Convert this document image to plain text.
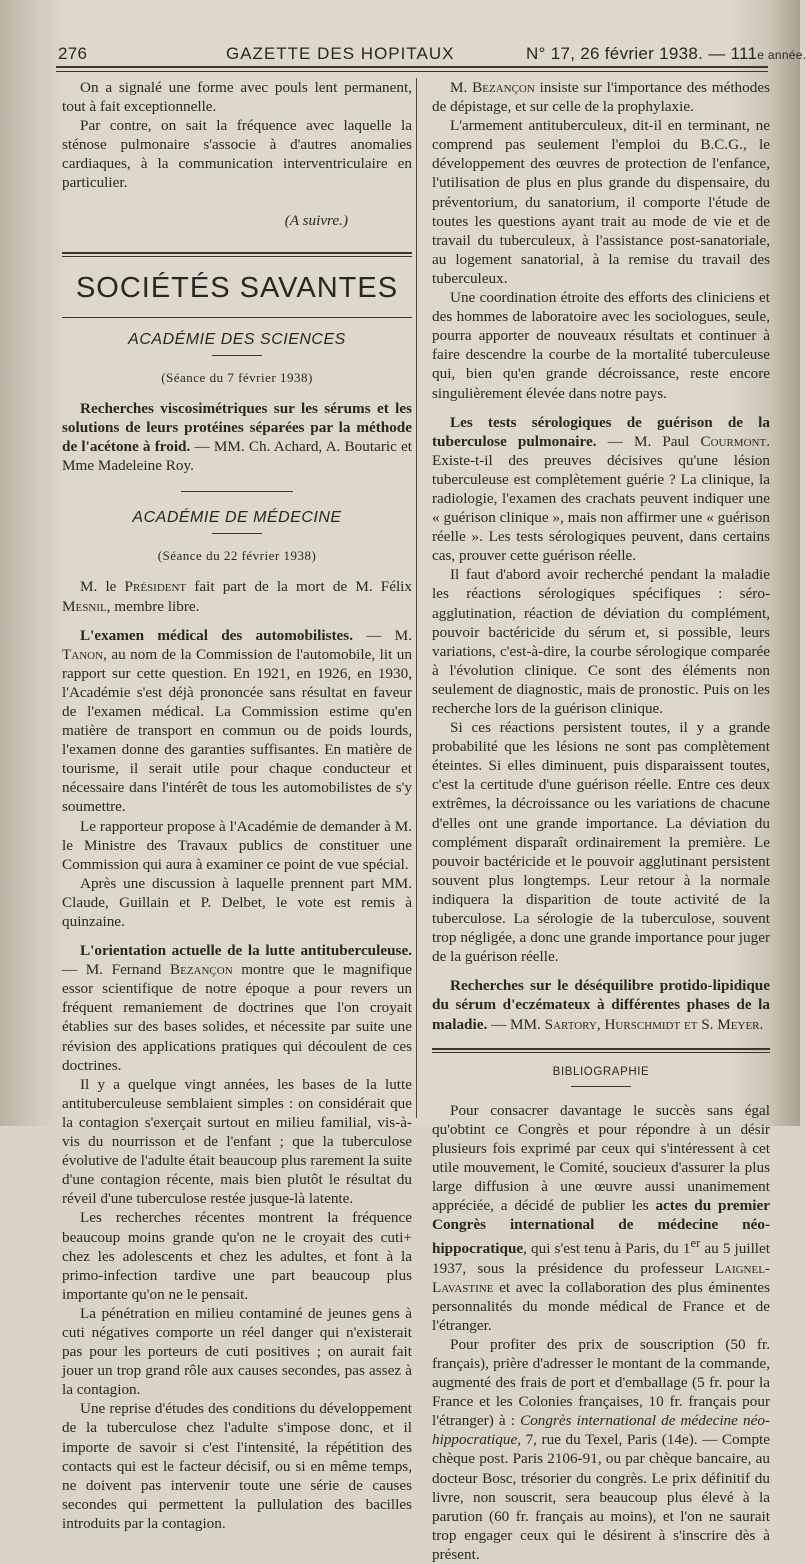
276	GAZETTE DES HOPITAUX	N° 17, 26 février 1938. — 111e année.

On a signalé une forme avec pouls lent permanent, tout à fait exceptionnelle.

Par contre, on sait la fréquence avec laquelle la sténose pulmonaire s'associe à d'autres anomalies cardiaques, à la communication interventriculaire en particulier.

(A suivre.)
SOCIÉTÉS SAVANTES
ACADÉMIE DES SCIENCES
(Séance du 7 février 1938)

Recherches viscosimétriques sur les sérums et les solutions de leurs protéines séparées par la méthode de l'acétone à froid. — MM. Ch. Achard, A. Boutaric et Mme Madeleine Roy.

ACADÉMIE DE MÉDECINE
(Séance du 22 février 1938)

M. le Président fait part de la mort de M. Félix Mesnil, membre libre.

L'examen médical des automobilistes. — M. Tanon, au nom de la Commission de l'automobile, lit un rapport sur cette question. En 1921, en 1926, en 1930, l'Académie s'est déjà prononcée sans résultat en faveur de l'examen médical. La Commission estime qu'en matière de transport en commun ou de poids lourds, l'examen donne des garanties suffisantes. En matière de tourisme, il serait utile pour chaque conducteur et nécessaire dans l'intérêt de tous les automobilistes de s'y soumettre.

Le rapporteur propose à l'Académie de demander à M. le Ministre des Travaux publics de constituer une Commission qui aura à examiner ce point de vue spécial.

Après une discussion à laquelle prennent part MM. Claude, Guillain et P. Delbet, le vote est remis à quinzaine.

L'orientation actuelle de la lutte antituberculeuse. — M. Fernand Bezançon montre que le magnifique essor scientifique de notre époque a pour revers un fréquent remaniement de doctrines que l'on croyait établies sur des bases solides, et nécessite par suite une révision des applications pratiques qui découlent de ces doctrines.

Il y a quelque vingt années, les bases de la lutte antituberculeuse semblaient simples : on considérait que la contagion s'exerçait surtout en milieu familial, vis-à-vis du nourrisson et de l'enfant ; que la tuberculose évolutive de l'adulte était beaucoup plus rarement la suite d'une contagion récente, mais bien plutôt le résultat du réveil d'une tuberculose restée jusque-là latente.

Les recherches récentes montrent la fréquence beaucoup moins grande qu'on ne le croyait des cuti+ chez les adolescents et chez les adultes, et font à la primo-infection tardive une part beaucoup plus importante qu'on ne le pensait.

La pénétration en milieu contaminé de jeunes gens à cuti négatives comporte un réel danger qui n'existerait pas pour les porteurs de cuti positives ; on aurait fait jouer un trop grand rôle aux causes secondes, pas assez à la contagion.

Une reprise d'études des conditions du développement de la tuberculose chez l'adulte s'impose donc, et il importe de savoir si c'est l'intensité, la répétition des contacts qui est le facteur décisif, ou si en même temps, ne doivent pas intervenir toute une série de causes secondes qui permettent la pullulation des bacilles introduits par la contagion.

M. Bezançon insiste sur l'importance des méthodes de dépistage, et sur celle de la prophylaxie.

L'armement antituberculeux, dit-il en terminant, ne comprend pas seulement l'emploi du B.C.G., le développement des œuvres de protection de l'enfance, l'utilisation de plus en plus grande du dispensaire, du préventorium, du sanatorium, il comporte l'étude de toutes les questions ayant trait au mode de vie et de travail du tuberculeux, à l'assistance post-sanatoriale, au logement sanatorial, à la remise du travail des tuberculeux.

Une coordination étroite des efforts des cliniciens et des hommes de laboratoire avec les sociologues, seule, pourra apporter de nouveaux résultats et continuer à faire descendre la courbe de la mortalité tuberculeuse qui, bien qu'en grande décroissance, reste encore singulièrement élevée dans notre pays.

Les tests sérologiques de guérison de la tuberculose pulmonaire. — M. Paul Courmont. Existe-t-il des preuves décisives qu'une lésion tuberculeuse est complètement guérie ? La clinique, la radiologie, l'examen des crachats peuvent indiquer une « guérison clinique », mais non affirmer une « guérison réelle ». Les tests sérologiques peuvent, dans certains cas, prouver cette guérison réelle.

Il faut d'abord avoir recherché pendant la maladie les réactions sérologiques spécifiques : séro-agglutination, réaction de déviation du complément, pouvoir bactéricide du sérum et, si possible, leurs variations, c'est-à-dire, la courbe sérologique comparée à l'évolution clinique. Ce sont des éléments non seulement de diagnostic, mais de pronostic. Puis on les recherche lors de la guérison clinique.

Si ces réactions persistent toutes, il y a grande probabilité que les lésions ne sont pas complètement éteintes. Si elles diminuent, puis disparaissent toutes, c'est la certitude d'une guérison réelle. Entre ces deux extrêmes, la décroissance ou les variations de chacune d'elles ont une grande importance. La déviation du complément disparaît ordinairement la première. Le pouvoir bactéricide et le pouvoir agglutinant persistent souvent plus longtemps. Leur retour à la normale indiquera la disparition de toute activité de la tuberculose. La sérologie de la tuberculose, souvent trop négligée, a donc une grande importance pour juger de la guérison réelle.

Recherches sur le déséquilibre protido-lipidique du sérum d'eczémateux à différentes phases de la maladie. — MM. Sartory, Hurschmidt et S. Meyer.

BIBLIOGRAPHIE

Pour consacrer davantage le succès sans égal qu'obtint ce Congrès et pour répondre à un désir plusieurs fois exprimé par ceux qui s'intéressent à cet utile mouvement, le Comité, soucieux d'assurer la plus large diffusion à une œuvre aussi unanimement appréciée, a décidé de publier les actes du premier Congrès international de médecine néo-hippocratique, qui s'est tenu à Paris, du 1er au 5 juillet 1937, sous la présidence du professeur Laignel-Lavastine et avec la collaboration des plus éminentes personnalités du monde médical de France et de l'étranger.

Pour profiter des prix de souscription (50 fr. français), prière d'adresser le montant de la commande, augmenté des frais de port et d'emballage (5 fr. pour la France et les Colonies françaises, 10 fr. français pour l'étranger) à : Congrès international de médecine néo-hippocratique, 7, rue du Texel, Paris (14e). — Compte chèque post. Paris 2106-91, ou par chèque bancaire, au docteur Bosc, trésorier du congrès. Le prix définitif du livre, non souscrit, sera beaucoup plus élevé à la parution (60 fr. français au moins), et l'on ne saurait trop engager ceux qui le désirent à s'inscrire dès à présent.
